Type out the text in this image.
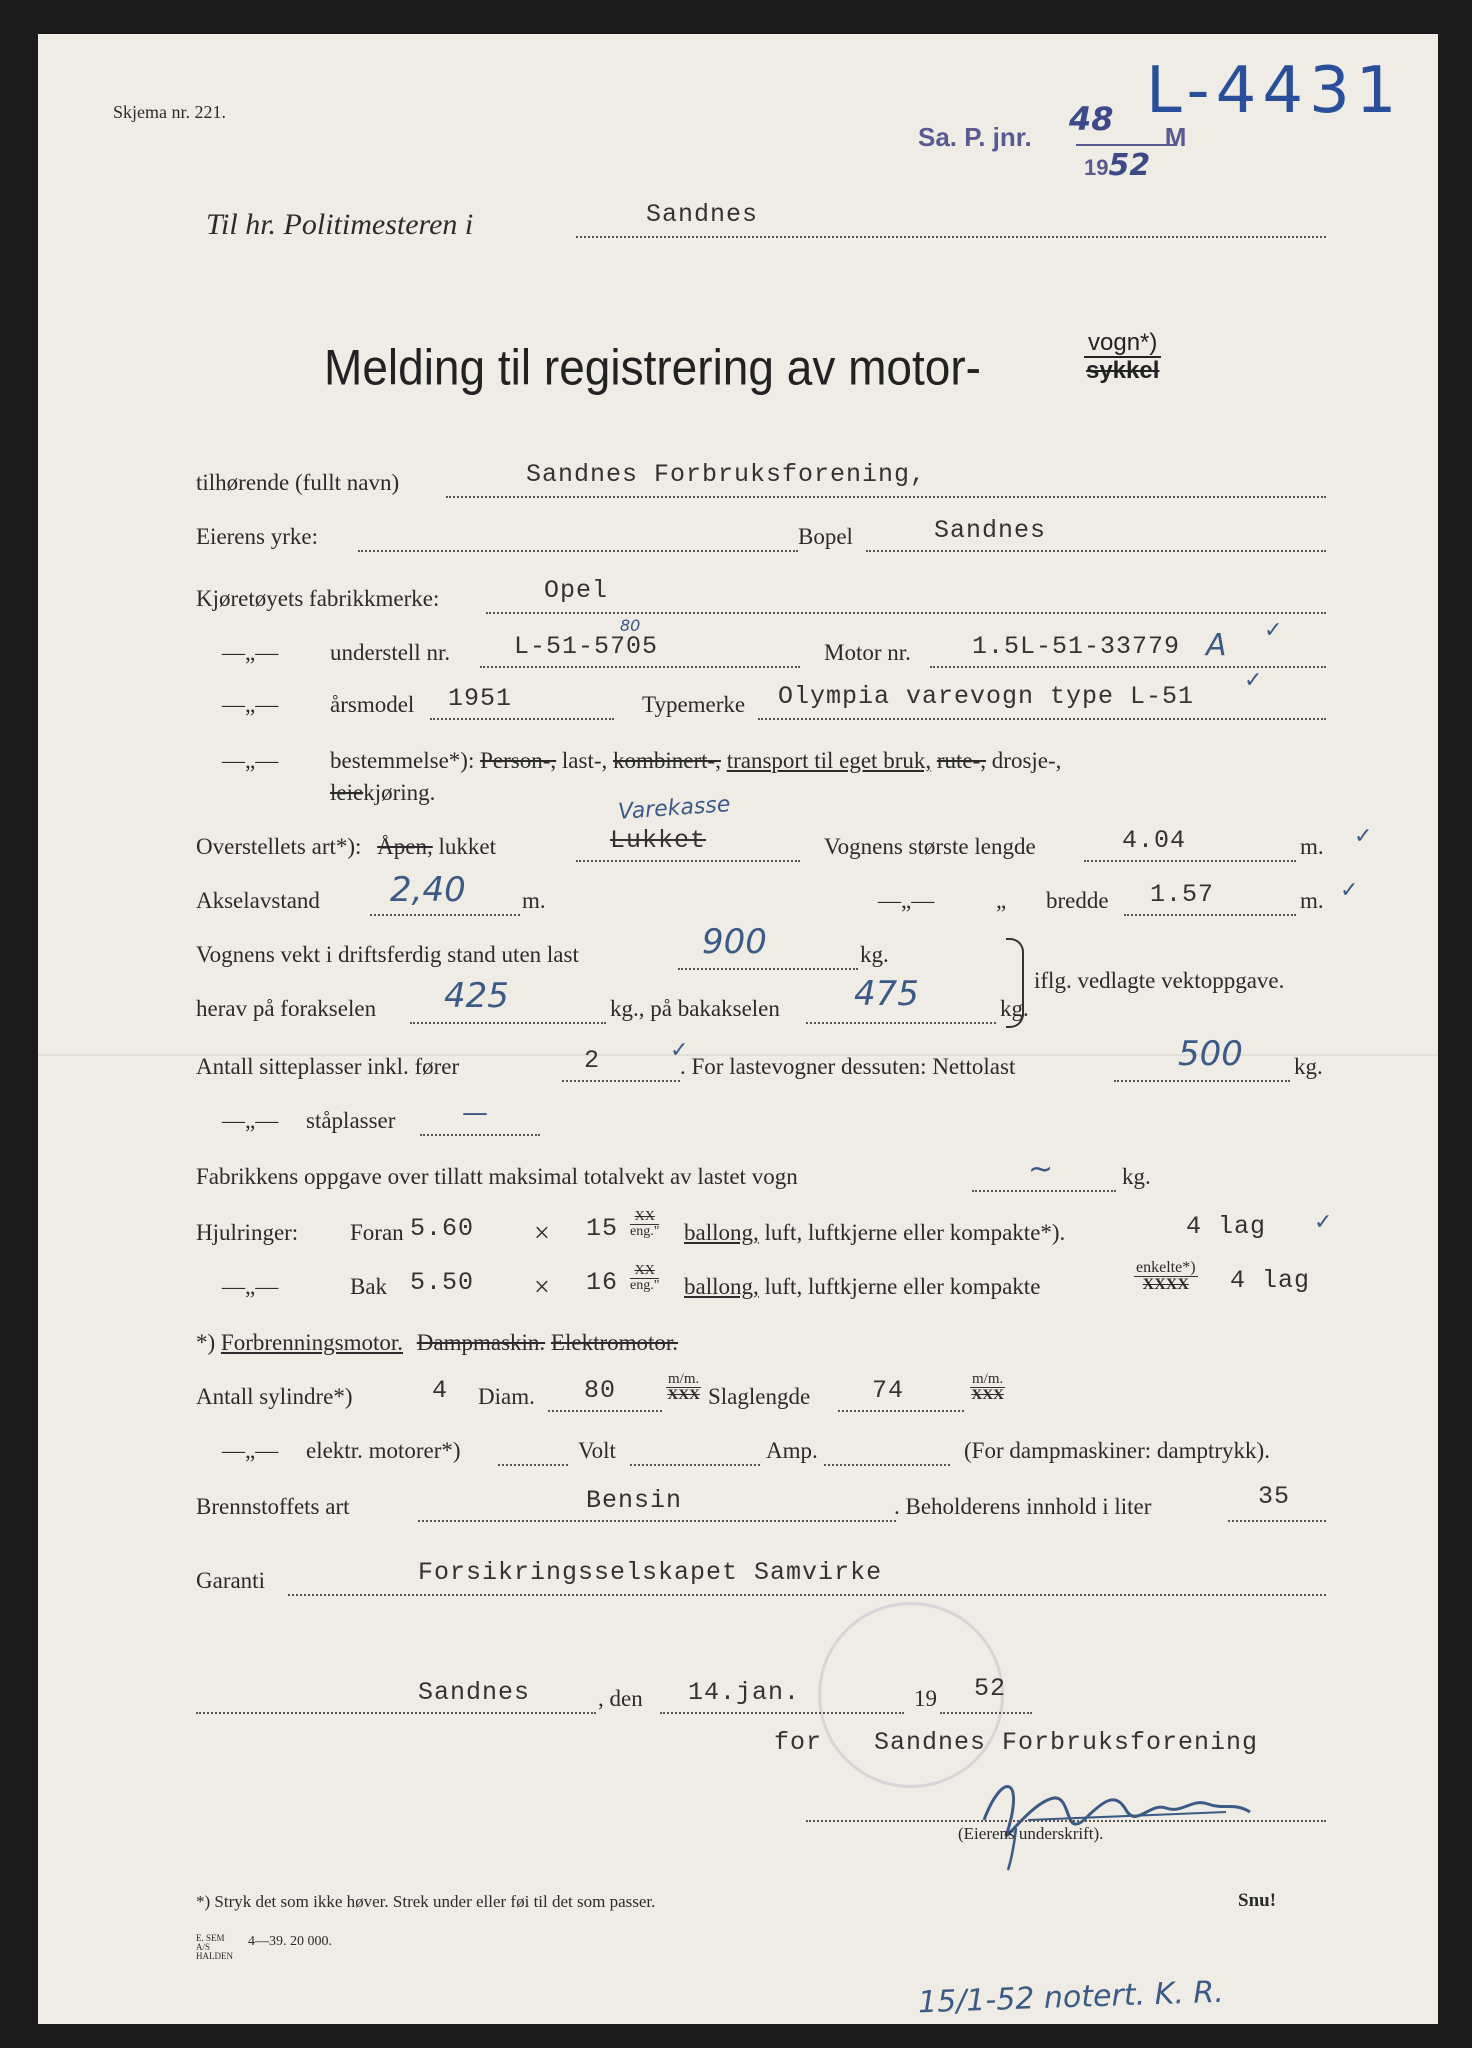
Skjema nr. 221.
Sa. P. jnr. 48 M
1952
L-4431
Til hr. Politimesteren i	Sandnes
Melding til registrering av motor-	vogn*)
sykkel
tilhørende (fullt navn)	Sandnes Forbruksforening,
Eierens yrke:	Bopel	Sandnes
Kjøretøyets fabrikkmerke:	Opel
—„— understell nr.	L-51-5705
80
Motor nr. 1.5L-51-33779 A ✓
—„— årsmodel 1951	Typemerke Olympia varevogn type L-51
✓
—„— bestemmelse*): Person-, last-, kombinert-, transport til eget bruk, rute-, drosje-,
leiekjøring.
Overstellets art*): Åpen, lukket	Lukket
Varekasse
Vognens største lengde	4.04	m. ✓
Akselavstand 2,40 m.	—„—	„ bredde 1.57	m. ✓
Vognens vekt i driftsferdig stand uten last	900	kg.
herav på forakselen 425	kg., på bakakselen 475	kg.
iflg. vedlagte vektoppgave.
Antall sitteplasser inkl. fører	2	✓
. For lastevogner dessuten: Nettolast	500 kg.
—„— ståplasser	—
Fabrikkens oppgave over tillatt maksimal totalvekt av lastet vogn	~	kg.
Hjulringer: Foran $5.60 \times 15 \frac{XX}{\text{eng."}}$ ballong, luft, luftkjerne eller kompakte*).	4 lag ✓
—„—	Bak $5.50 \times 16 \frac{XX}{\text{eng."}}$ ballong, luft, luftkjerne eller kompakte	$\frac{\text{enkelte*)}}{\text{XXXX}} 4$ lag
*) Forbrenningsmotor. Dampmaskin. Elektromotor.
Antall sylindre*)	4 Diam. 80	$\frac{m/m.}{\text{XXX}}$ Slaglengde 74	$\frac{m/m.}{\text{XXX}}$
—„— elektr. motorer*)	Volt	Amp.	(For dampmaskiner: damptrykk).
Brennstoffets art	Bensin	. Beholderens innhold i liter	35
Garanti	Forsikringsselskapet Samvirke
Sandnes	, den 14.jan.	19 52
for Sandnes Forbruksforening
(Eierens underskrift).
*) Stryk det som ikke høver. Strek under eller føi til det som passer.	Snu!
E. SEM A/S HALDEN
4—39. 20 000.
15/1-52 notert. K. R.
